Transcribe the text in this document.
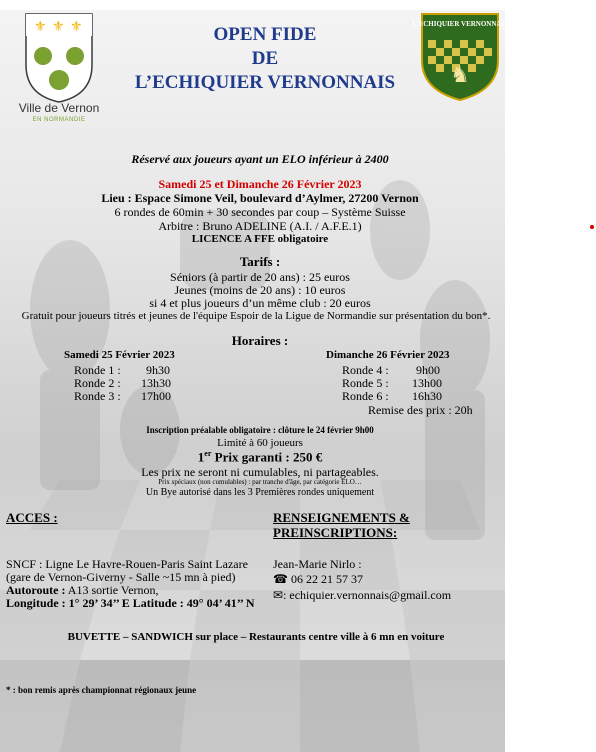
⚜ ⚜ ⚜
Ville de Vernon
EN NORMANDIE
OPEN FIDE
DE
L’ECHIQUIER VERNONNAIS
L'ECHIQUIER VERNONNAIS
♞
Réservé aux joueurs ayant un ELO inférieur à 2400
Samedi 25 et Dimanche 26 Février 2023
Lieu : Espace Simone Veil, boulevard d’Aylmer, 27200 Vernon
6 rondes de 60min + 30 secondes par coup – Système Suisse
Arbitre : Bruno ADELINE (A.I. / A.F.E.1)
LICENCE A FFE obligatoire
Tarifs :
Séniors (à partir de 20 ans) : 25 euros
Jeunes (moins de 20 ans) : 10 euros
si 4 et plus joueurs d’un même club : 20 euros
Gratuit pour joueurs titrés et jeunes de l'équipe Espoir de la Ligue de Normandie sur présentation du bon*.
Horaires :
Samedi 25 Février 2023
Ronde 1 : 9h30
Ronde 2 : 13h30
Ronde 3 : 17h00
Dimanche 26 Février 2023
Ronde 4 : 9h00
Ronde 5 : 13h00
Ronde 6 : 16h30
Remise des prix : 20h
Inscription préalable obligatoire : clôture le 24 février 9h00
Limité à 60 joueurs
1er Prix garanti : 250 €
Les prix ne seront ni cumulables, ni partageables.
Prix spéciaux (non cumulables) : par tranche d'âge, par catégorie ELO…
Un Bye autorisé dans les 3 Premières rondes uniquement
ACCES :
SNCF : Ligne Le Havre-Rouen-Paris Saint Lazare
(gare de Vernon-Giverny - Salle ~15 mn à pied)
Autoroute : A13 sortie Vernon,
Longitude : 1° 29’ 34’’ E Latitude : 49° 04’ 41’’ N
RENSEIGNEMENTS &
PREINSCRIPTIONS:
Jean-Marie Nirlo :
☎ 06 22 21 57 37
✉: echiquier.vernonnais@gmail.com
BUVETTE – SANDWICH sur place – Restaurants centre ville à 6 mn en voiture
* : bon remis après championnat régionaux jeune
